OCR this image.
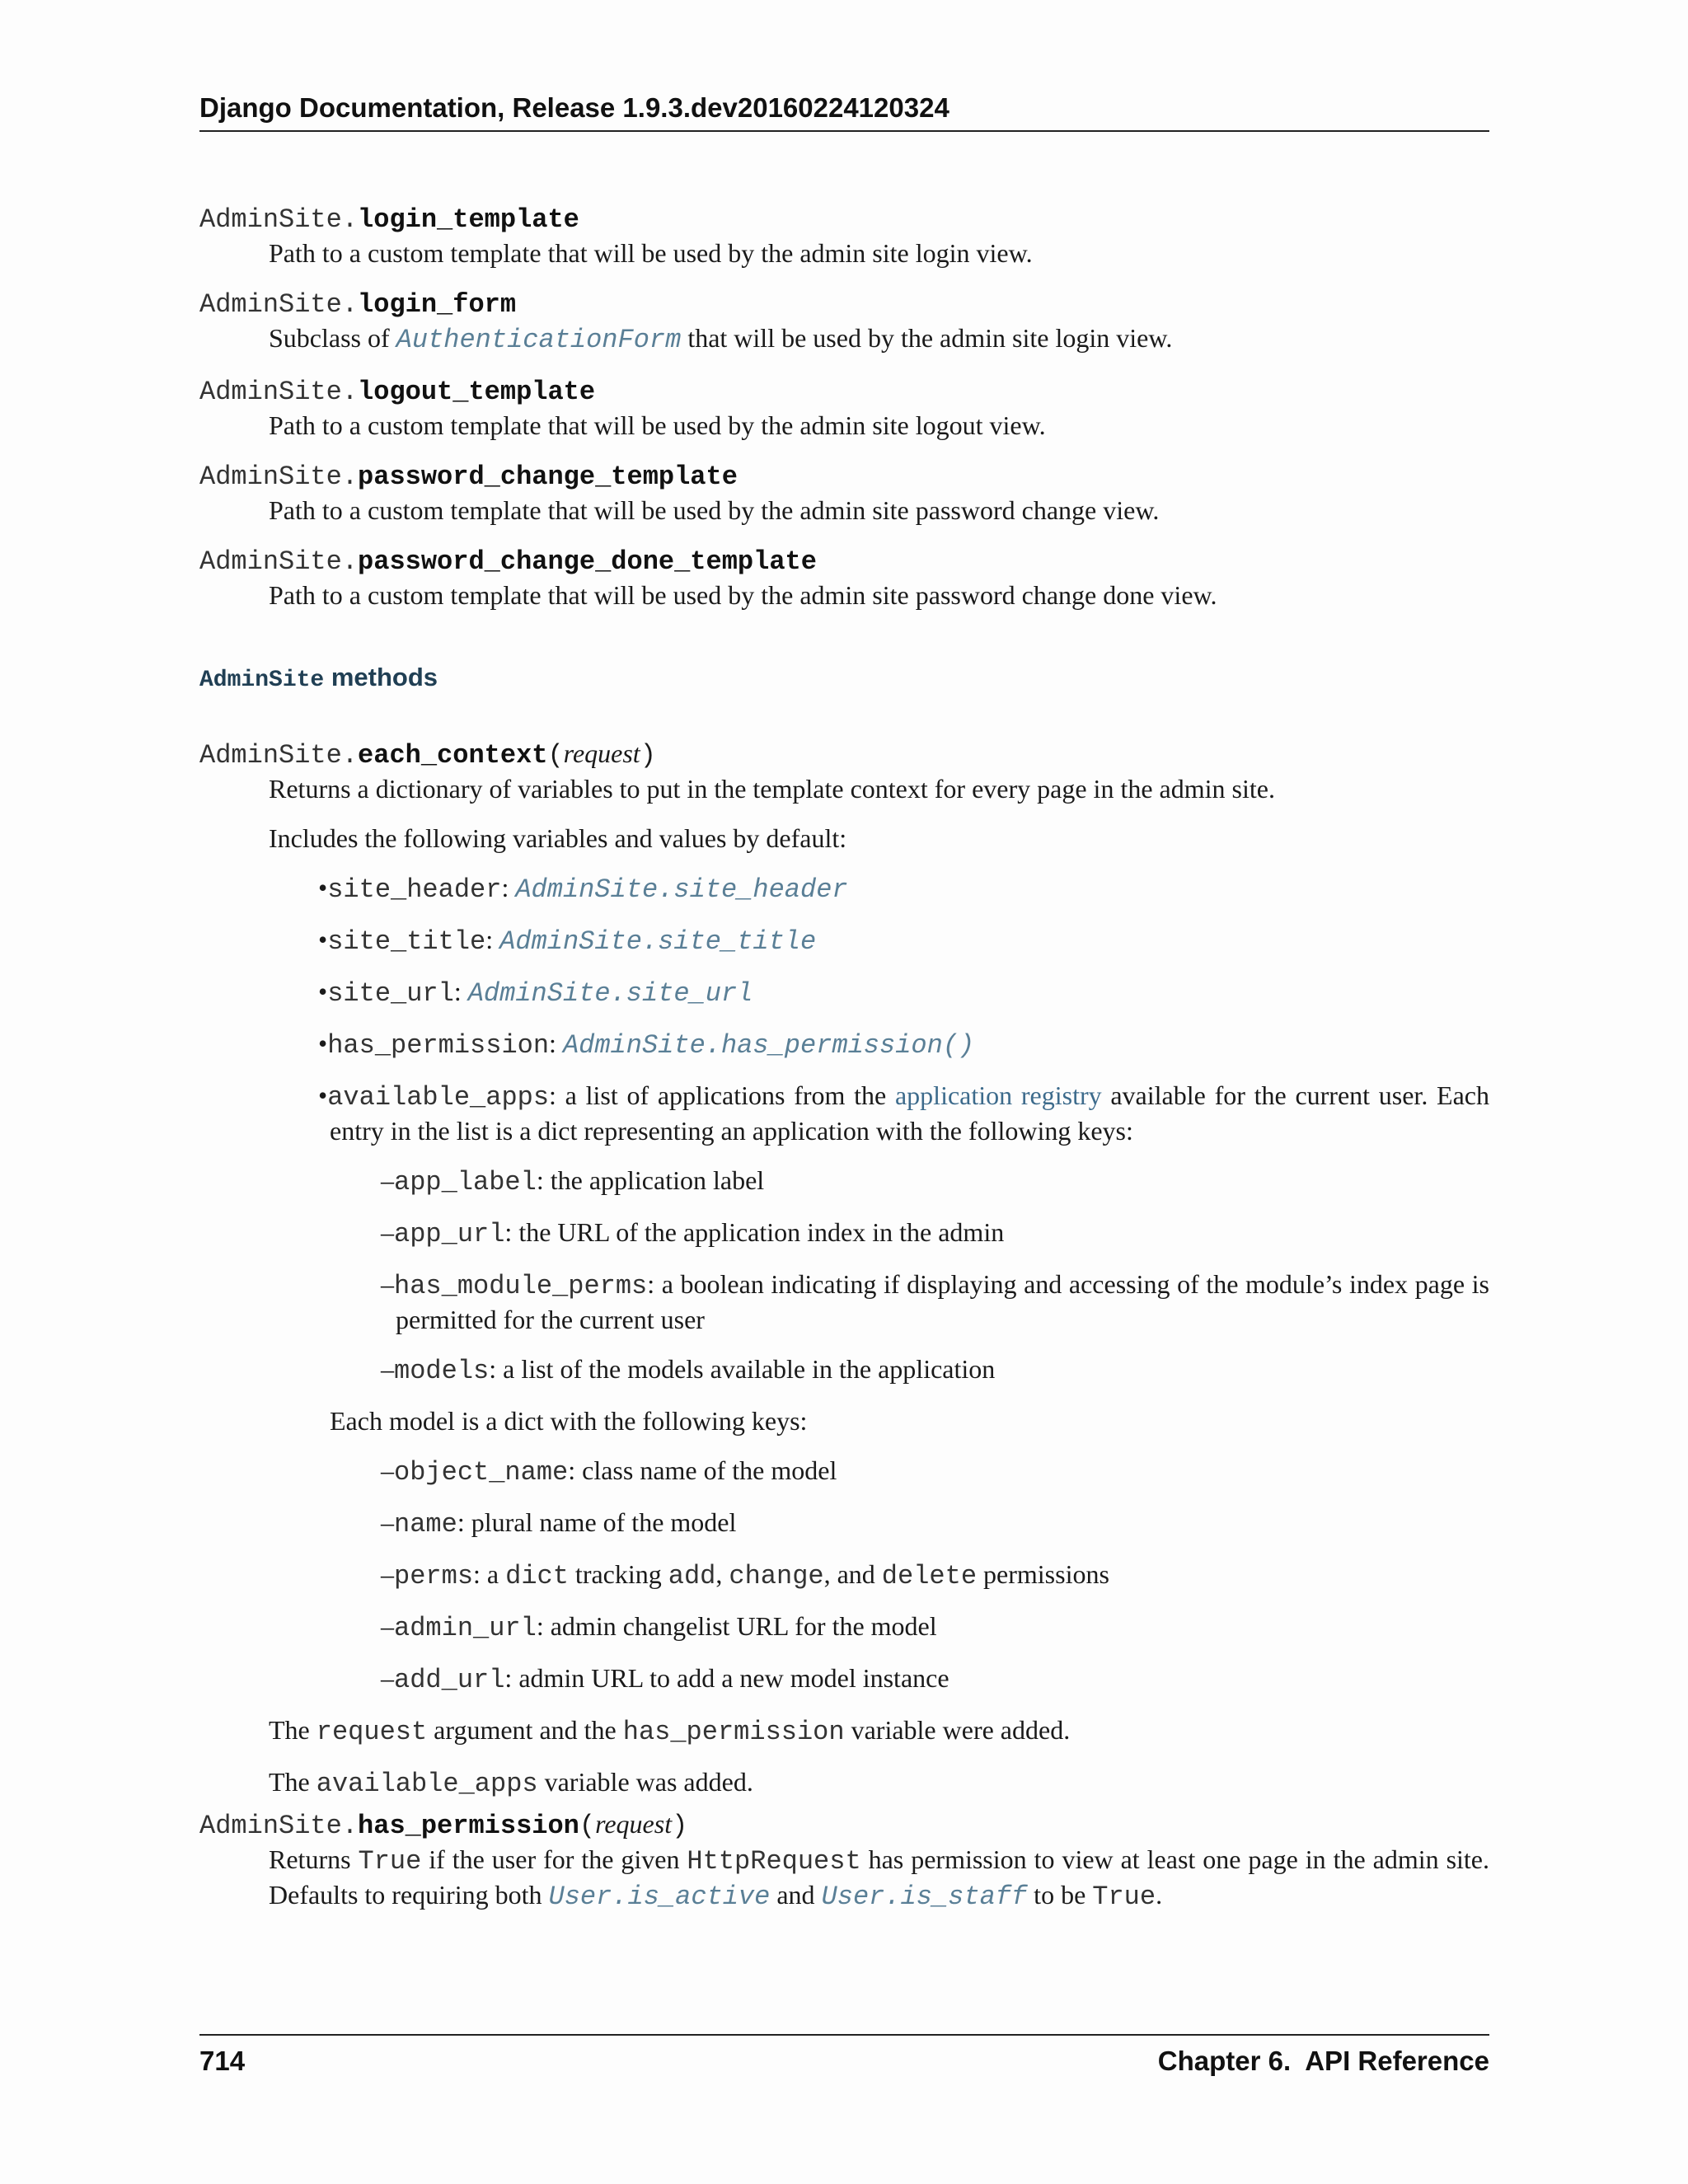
Django Documentation, Release 1.9.3.dev20160224120324

AdminSite.login_template

Path to a custom template that will be used by the admin site login view.

AdminSite.login_form

Subclass of AuthenticationForm that will be used by the admin site login view.

AdminSite.logout_template

Path to a custom template that will be used by the admin site logout view.

AdminSite.password_change_template

Path to a custom template that will be used by the admin site password change view.

AdminSite.password_change_done_template

Path to a custom template that will be used by the admin site password change done view.

AdminSite methods

AdminSite.each_context(request)

Returns a dictionary of variables to put in the template context for every page in the admin site.

Includes the following variables and values by default:

•site_header: AdminSite.site_header
•site_title: AdminSite.site_title
•site_url: AdminSite.site_url
•has_permission: AdminSite.has_permission()
•available_apps: a list of applications from the application registry available for the current user. Each entry in the list is a dict representing an application with the following keys:
–app_label: the application label
–app_url: the URL of the application index in the admin
–has_module_perms: a boolean indicating if displaying and accessing of the module’s index page is permitted for the current user
–models: a list of the models available in the application

Each model is a dict with the following keys:

–object_name: class name of the model
–name: plural name of the model
–perms: a dict tracking add, change, and delete permissions
–admin_url: admin changelist URL for the model
–add_url: admin URL to add a new model instance

The request argument and the has_permission variable were added.

The available_apps variable was added.

AdminSite.has_permission(request)

Returns True if the user for the given HttpRequest has permission to view at least one page in the admin site. Defaults to requiring both User.is_active and User.is_staff to be True.

714	Chapter 6.  API Reference
